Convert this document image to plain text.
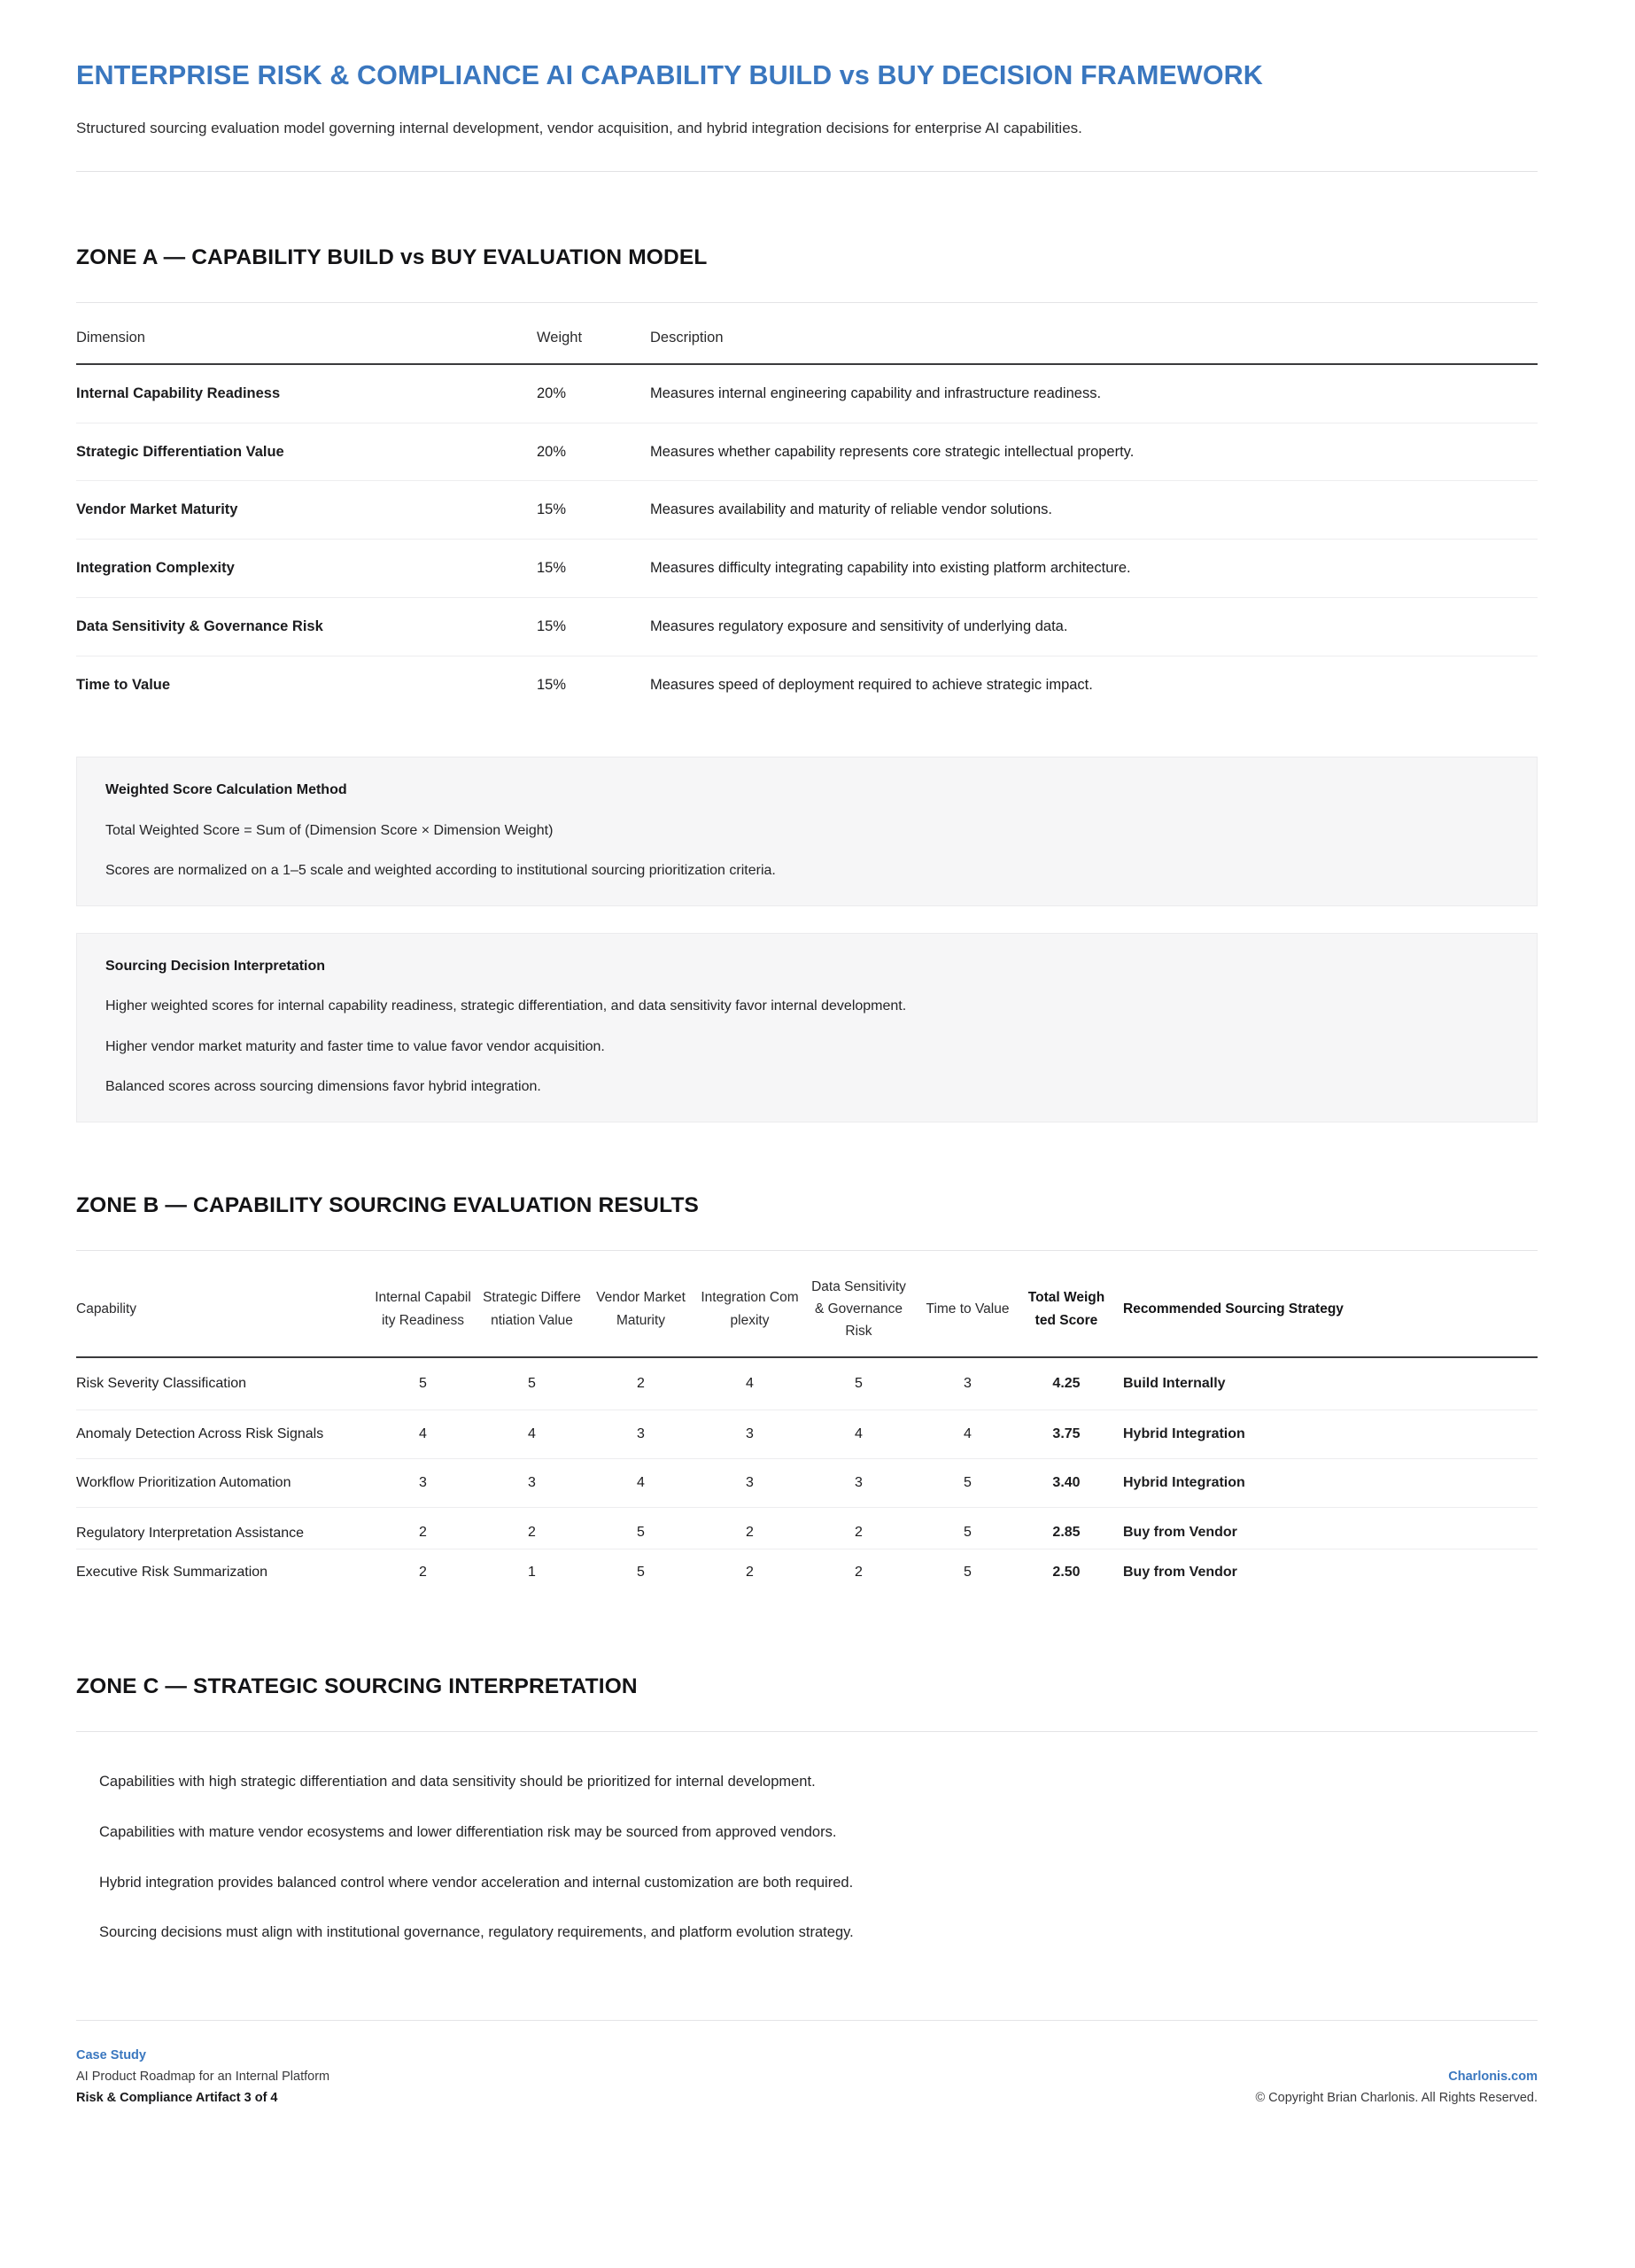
ENTERPRISE RISK & COMPLIANCE AI CAPABILITY BUILD vs BUY DECISION FRAMEWORK

Structured sourcing evaluation model governing internal development, vendor acquisition, and hybrid integration decisions for enterprise AI capabilities.

ZONE A — CAPABILITY BUILD vs BUY EVALUATION MODEL
Dimension	Weight	Description
Internal Capability Readiness	20%	Measures internal engineering capability and infrastructure readiness.
Strategic Differentiation Value	20%	Measures whether capability represents core strategic intellectual property.
Vendor Market Maturity	15%	Measures availability and maturity of reliable vendor solutions.
Integration Complexity	15%	Measures difficulty integrating capability into existing platform architecture.
Data Sensitivity & Governance Risk	15%	Measures regulatory exposure and sensitivity of underlying data.
Time to Value	15%	Measures speed of deployment required to achieve strategic impact.
Weighted Score Calculation Method

Total Weighted Score = Sum of (Dimension Score × Dimension Weight)

Scores are normalized on a 1–5 scale and weighted according to institutional sourcing prioritization criteria.

Sourcing Decision Interpretation

Higher weighted scores for internal capability readiness, strategic differentiation, and data sensitivity favor internal development.

Higher vendor market maturity and faster time to value favor vendor acquisition.

Balanced scores across sourcing dimensions favor hybrid integration.

ZONE B — CAPABILITY SOURCING EVALUATION RESULTS
Capability	Internal Capability Readiness	Strategic Differentiation Value	Vendor Market Maturity	Integration Complexity	Data Sensitivity & Governance Risk	Time to Value	Total Weighted Score	Recommended Sourcing Strategy
Risk Severity Classification	5	5	2	4	5	3	4.25	Build Internally
Anomaly Detection Across Risk Signals	4	4	3	3	4	4	3.75	Hybrid Integration
Workflow Prioritization Automation	3	3	4	3	3	5	3.40	Hybrid Integration
Regulatory Interpretation Assistance	2	2	5	2	2	5	2.85	Buy from Vendor
Executive Risk Summarization	2	1	5	2	2	5	2.50	Buy from Vendor
ZONE C — STRATEGIC SOURCING INTERPRETATION

Capabilities with high strategic differentiation and data sensitivity should be prioritized for internal development.

Capabilities with mature vendor ecosystems and lower differentiation risk may be sourced from approved vendors.

Hybrid integration provides balanced control where vendor acceleration and internal customization are both required.

Sourcing decisions must align with institutional governance, regulatory requirements, and platform evolution strategy.

Case Study
AI Product Roadmap for an Internal Platform
Risk & Compliance Artifact 3 of 4
Charlonis.com
© Copyright Brian Charlonis. All Rights Reserved.
